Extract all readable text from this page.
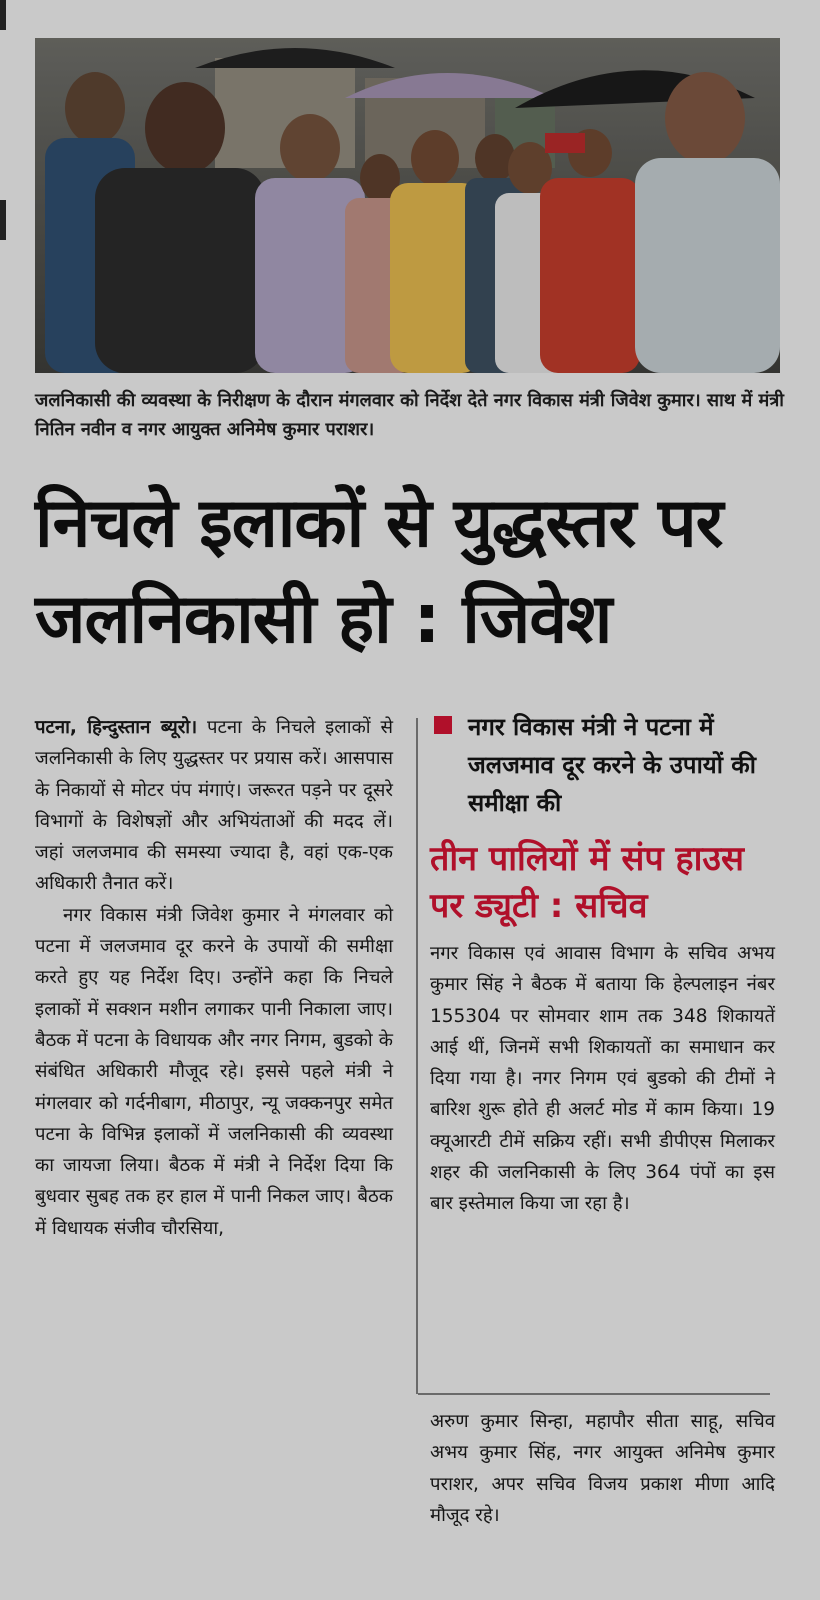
जलनिकासी की व्यवस्था के निरीक्षण के दौरान मंगलवार को निर्देश देते नगर विकास मंत्री जिवेश कुमार। साथ में मंत्री नितिन नवीन व नगर आयुक्त अनिमेष कुमार पराशर।
निचले इलाकों से युद्धस्तर पर जलनिकासी हो : जिवेश

पटना, हिन्दुस्तान ब्यूरो। पटना के निचले इलाकों से जलनिकासी के लिए युद्धस्तर पर प्रयास करें। आसपास के निकायों से मोटर पंप मंगाएं। जरूरत पड़ने पर दूसरे विभागों के विशेषज्ञों और अभियंताओं की मदद लें। जहां जलजमाव की समस्या ज्यादा है, वहां एक-एक अधिकारी तैनात करें।

नगर विकास मंत्री जिवेश कुमार ने मंगलवार को पटना में जलजमाव दूर करने के उपायों की समीक्षा करते हुए यह निर्देश दिए। उन्होंने कहा कि निचले इलाकों में सक्शन मशीन लगाकर पानी निकाला जाए। बैठक में पटना के विधायक और नगर निगम, बुडको के संबंधित अधिकारी मौजूद रहे। इससे पहले मंत्री ने मंगलवार को गर्दनीबाग, मीठापुर, न्यू जक्कनपुर समेत पटना के विभिन्न इलाकों में जलनिकासी की व्यवस्था का जायजा लिया। बैठक में मंत्री ने निर्देश दिया कि बुधवार सुबह तक हर हाल में पानी निकल जाए। बैठक में विधायक संजीव चौरसिया,

नगर विकास मंत्री ने पटना में जलजमाव दूर करने के उपायों की समीक्षा की
तीन पालियों में संप हाउस पर ड्यूटी : सचिव
नगर विकास एवं आवास विभाग के सचिव अभय कुमार सिंह ने बैठक में बताया कि हेल्पलाइन नंबर 155304 पर सोमवार शाम तक 348 शिकायतें आई थीं, जिनमें सभी शिकायतों का समाधान कर दिया गया है। नगर निगम एवं बुडको की टीमों ने बारिश शुरू होते ही अलर्ट मोड में काम किया। 19 क्यूआरटी टीमें सक्रिय रहीं। सभी डीपीएस मिलाकर शहर की जलनिकासी के लिए 364 पंपों का इस बार इस्तेमाल किया जा रहा है।
अरुण कुमार सिन्हा, महापौर सीता साहू, सचिव अभय कुमार सिंह, नगर आयुक्त अनिमेष कुमार पराशर, अपर सचिव विजय प्रकाश मीणा आदि मौजूद रहे।
